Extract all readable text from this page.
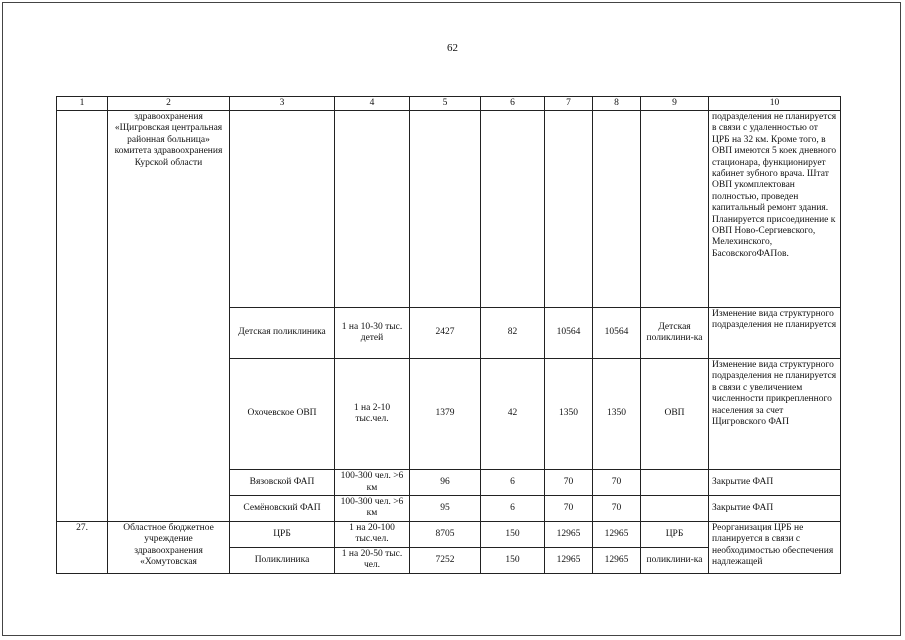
62
1	2	3	4	5	6	7	8	9	10
	здравоохранения «Щигровская центральная районная больница» комитета здравоохранения Курской области								подразделения не планируется в связи с удаленностью от ЦРБ на 32 км. Кроме того, в ОВП имеются 5 коек дневного стационара, функционирует кабинет зубного врача. Штат ОВП укомплектован полностью, проведен капитальный ремонт здания. Планируется присоединение к ОВП Ново-Сергиевского, Мелехинского, БасовскогоФАПов.
		Детская поликлиника	1 на 10-30 тыс. детей	2427	82	10564	10564	Детская поликлини-ка	Изменение вида структурного подразделения не планируется
		Охочевское ОВП	1 на 2-10 тыс.чел.	1379	42	1350	1350	ОВП	Изменение вида структурного подразделения не планируется в связи с увеличением численности прикрепленного населения за счет Щигровского ФАП
		Вязовской ФАП	100-300 чел. >6 км	96	6	70	70		Закрытие ФАП
		Семёновский ФАП	100-300 чел. >6 км	95	6	70	70		Закрытие ФАП
27.	Областное бюджетное учреждение здравоохранения «Хомутовская	ЦРБ	1 на 20-100 тыс.чел.	8705	150	12965	12965	ЦРБ	Реорганизация ЦРБ не планируется в связи с необходимостью обеспечения надлежащей
		Поликлиника	1 на 20-50 тыс. чел.	7252	150	12965	12965	поликлини-ка	
